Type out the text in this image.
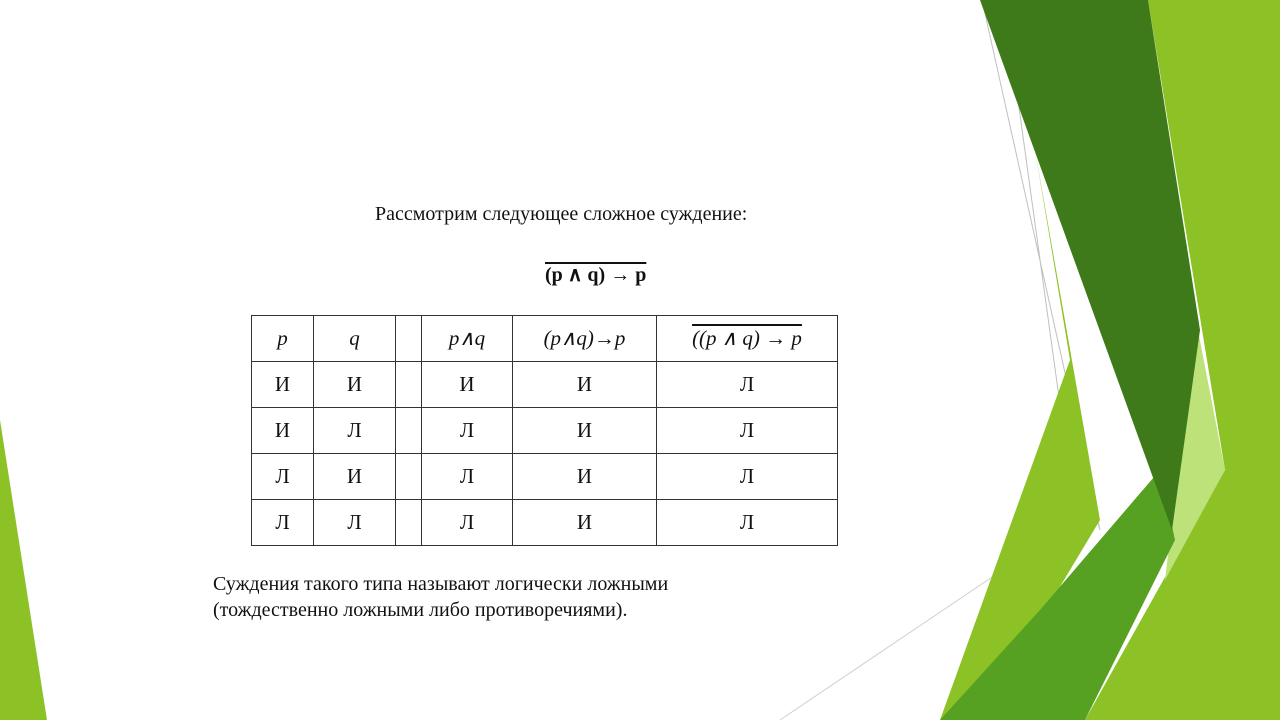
Рассмотрим следующее сложное суждение:
(p ∧ q) → p
p	q		p∧q	(p∧q)→p	((p ∧ q) → p
И	И		И	И	Л
И	Л		Л	И	Л
Л	И		Л	И	Л
Л	Л		Л	И	Л
Суждения такого типа называют логически ложными
(тождественно ложными либо противоречиями).
